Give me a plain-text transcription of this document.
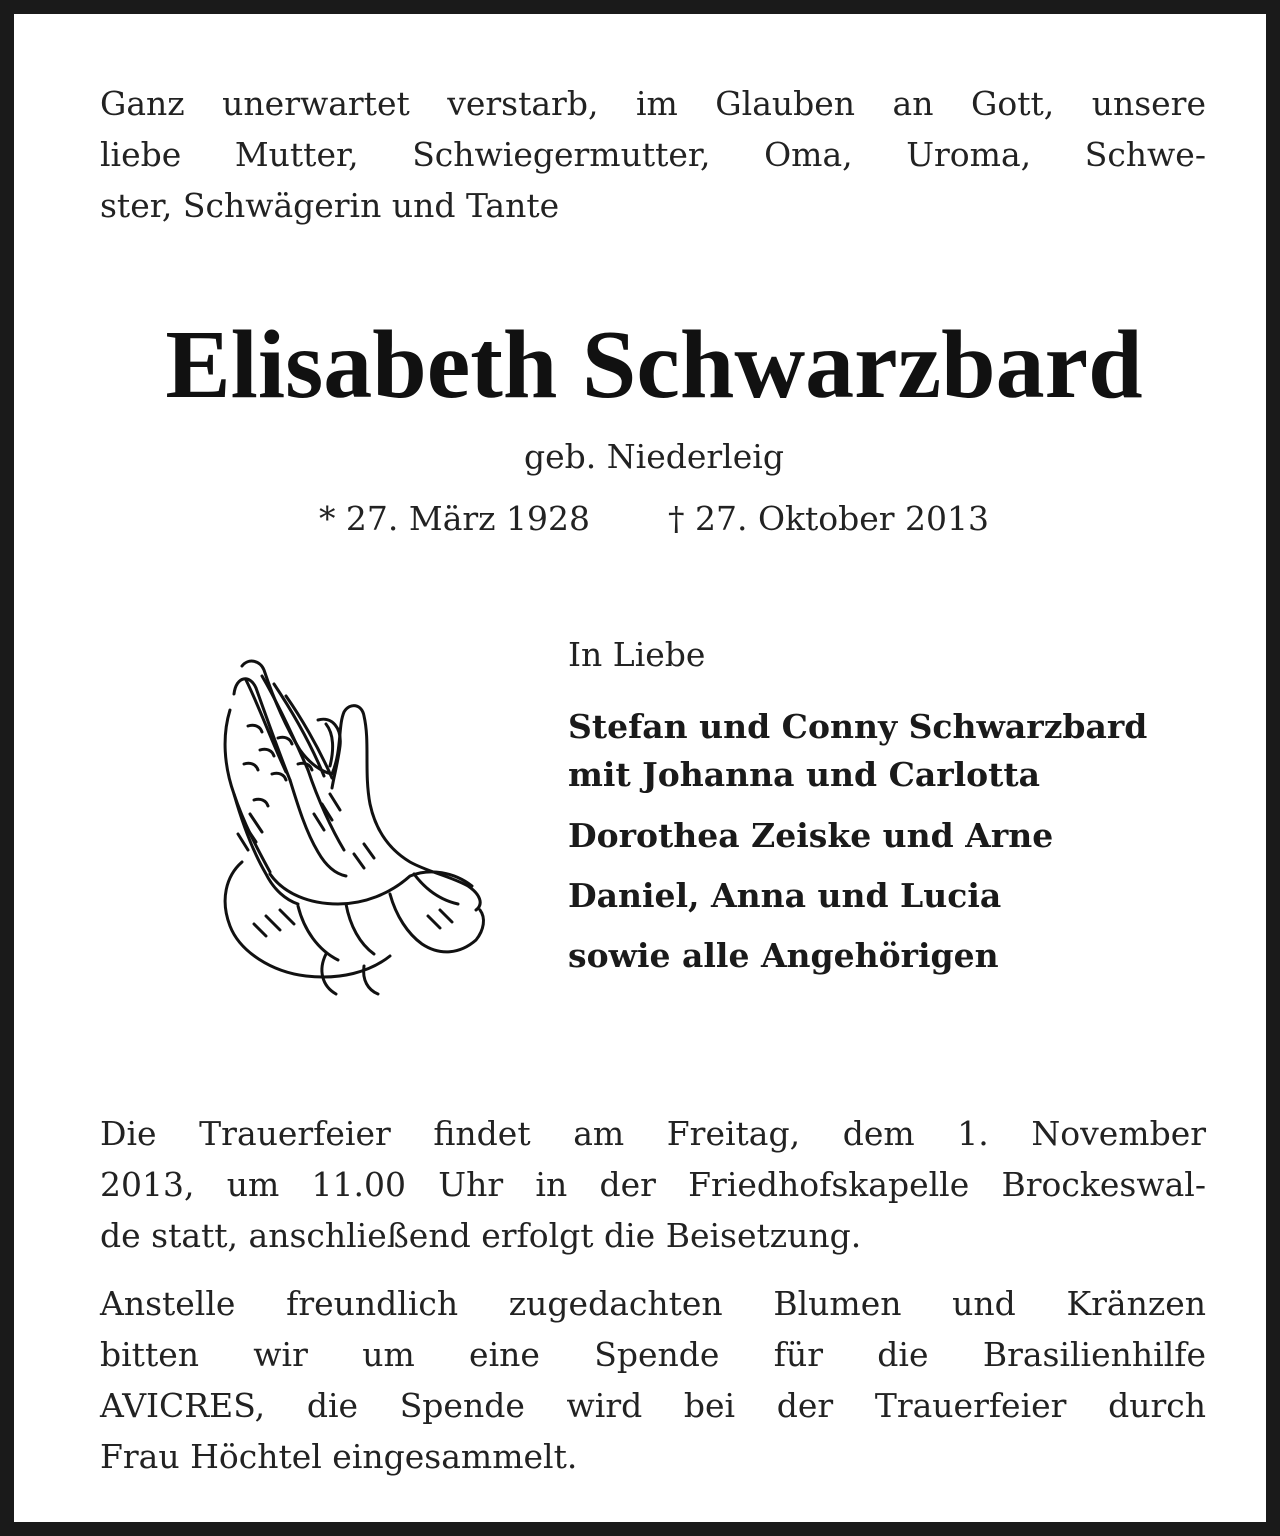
Ganz unerwartet verstarb, im Glauben an Gott, unsere
liebe Mutter, Schwiegermutter, Oma, Uroma, Schwe-
ster, Schwägerin und Tante

Elisabeth Schwarzbard

geb. Niederleig

* 27. März 1928 † 27. Oktober 2013

In Liebe

Stefan und Conny Schwarzbard

mit Johanna und Carlotta

Dorothea Zeiske und Arne

Daniel, Anna und Lucia

sowie alle Angehörigen

Die Trauerfeier findet am Freitag, dem 1. November
2013, um 11.00 Uhr in der Friedhofskapelle Brockeswal-
de statt, anschließend erfolgt die Beisetzung.

Anstelle freundlich zugedachten Blumen und Kränzen
bitten wir um eine Spende für die Brasilienhilfe
AVICRES, die Spende wird bei der Trauerfeier durch
Frau Höchtel eingesammelt.
